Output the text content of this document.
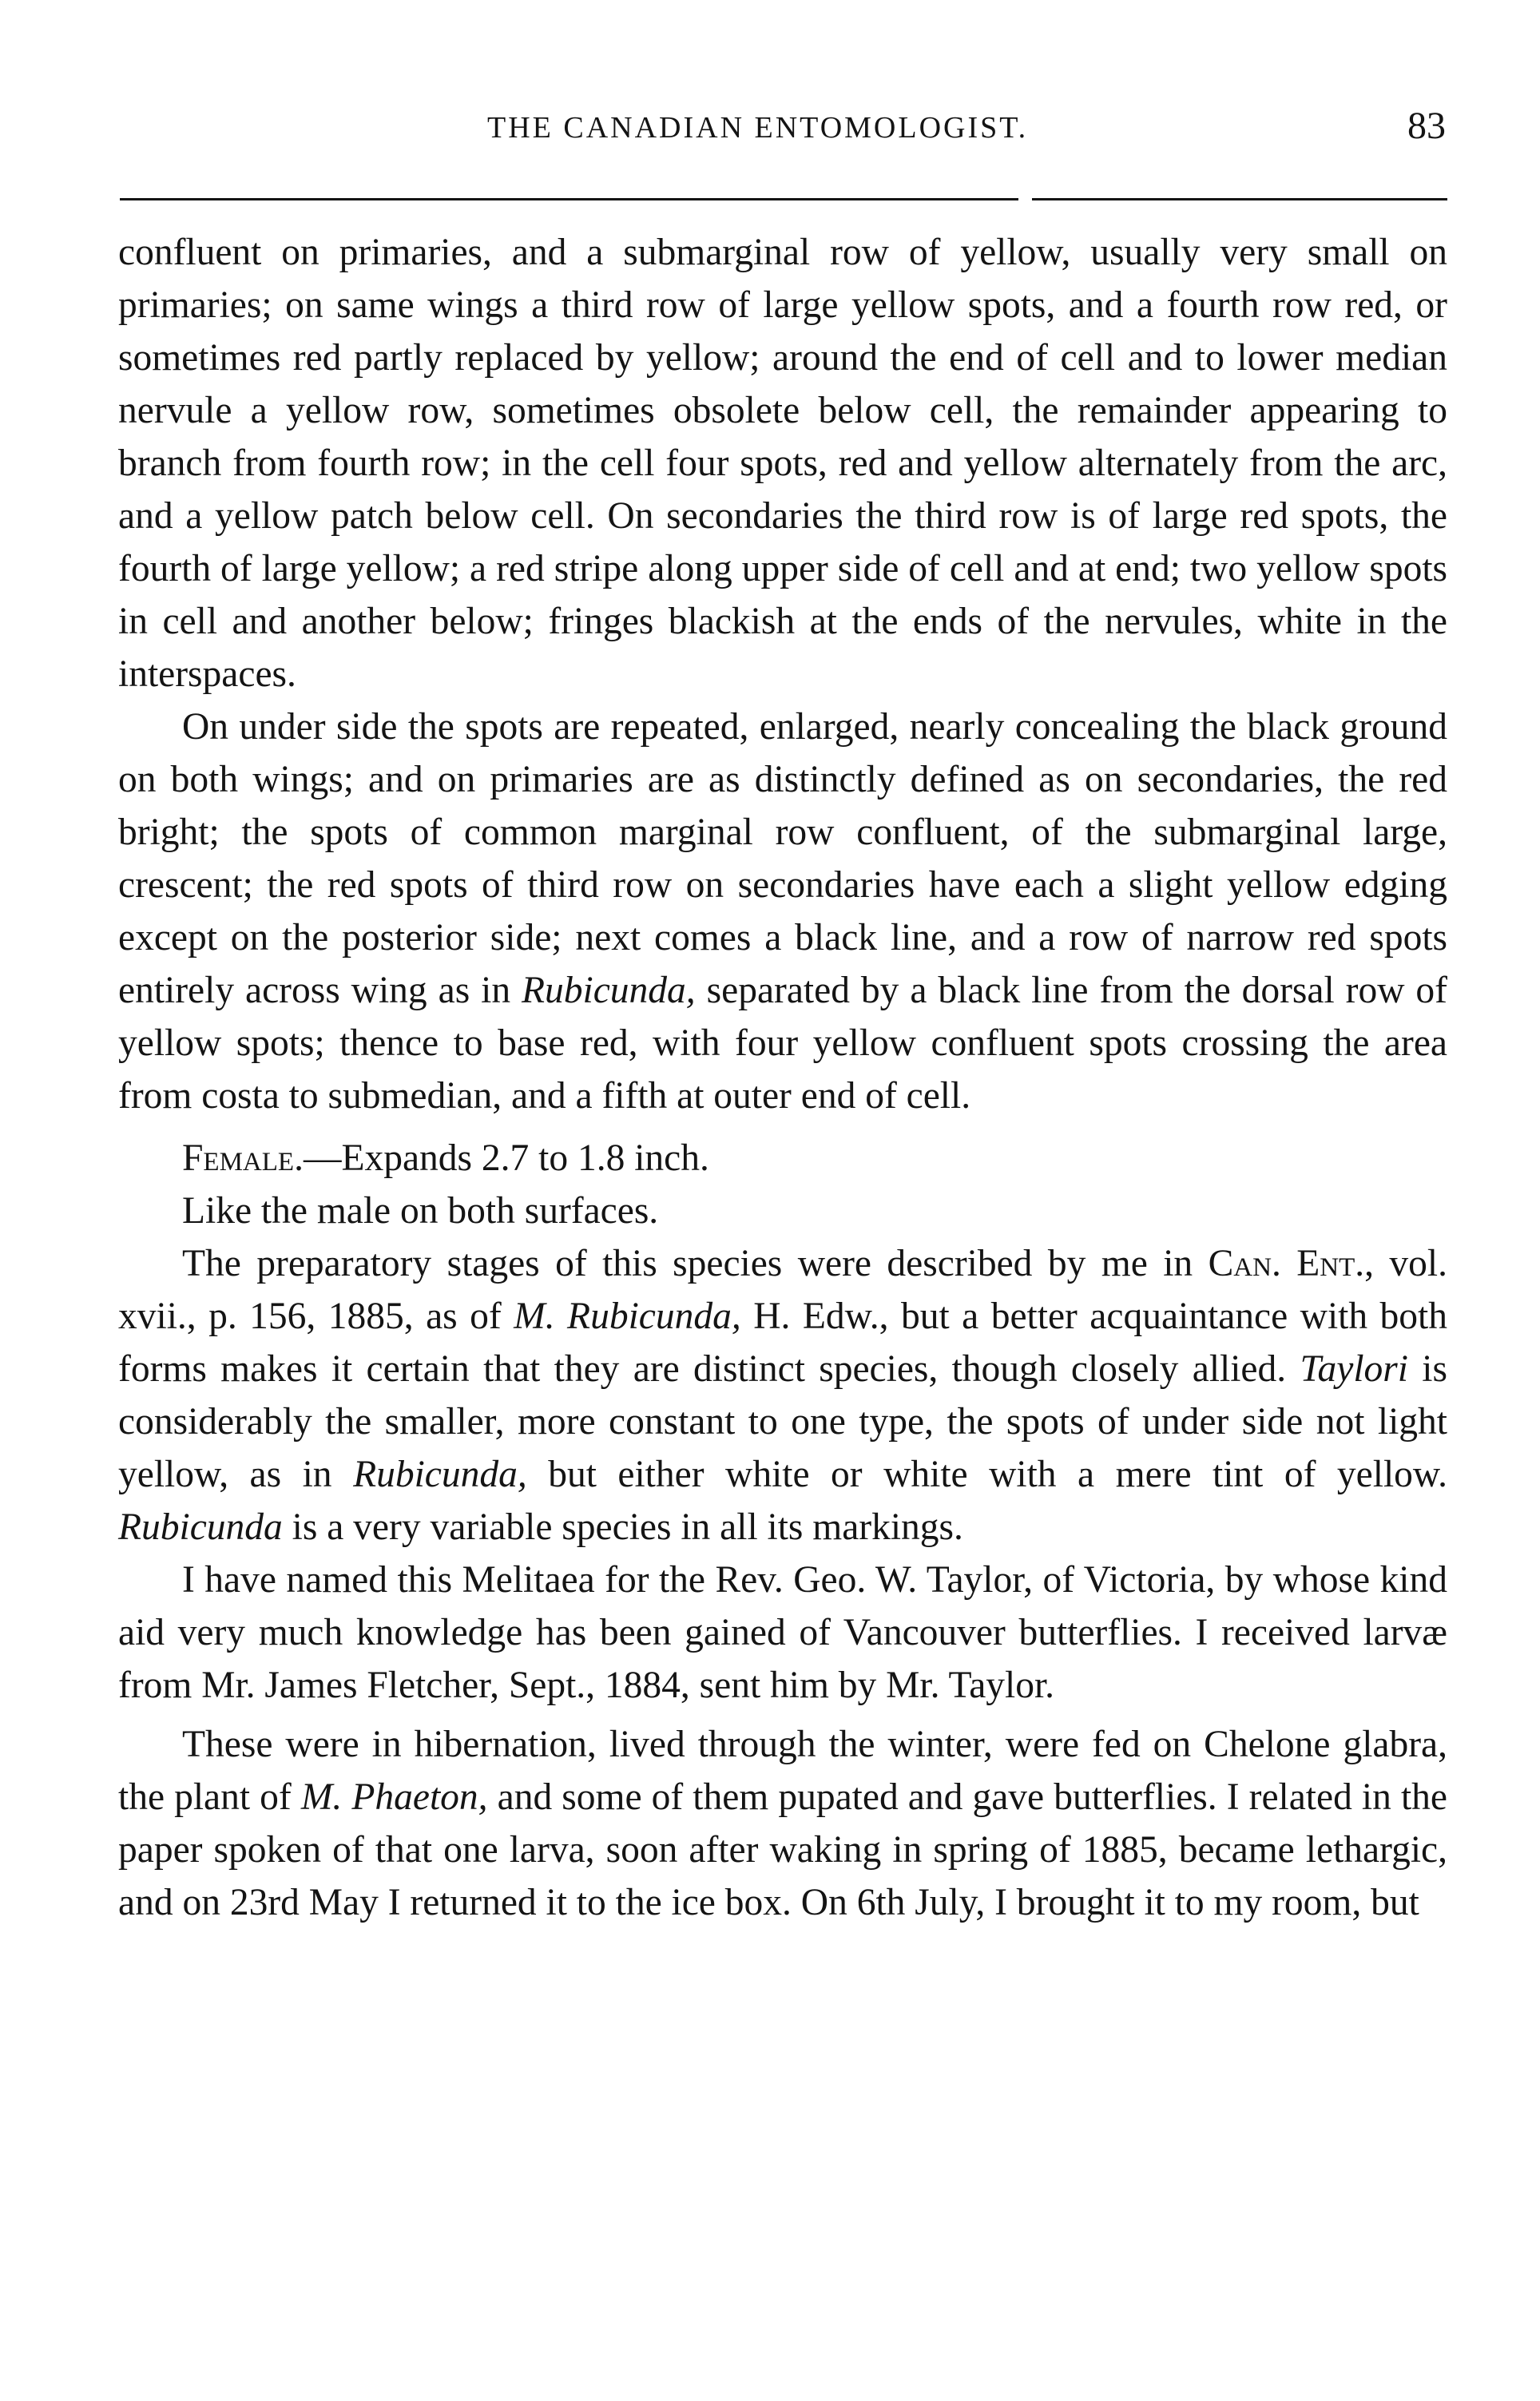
THE CANADIAN ENTOMOLOGIST.	83

confluent on primaries, and a submarginal row of yellow, usually very small on primaries; on same wings a third row of large yellow spots, and a fourth row red, or sometimes red partly replaced by yellow; around the end of cell and to lower median nervule a yellow row, sometimes obsolete below cell, the remainder appearing to branch from fourth row; in the cell four spots, red and yellow alternately from the arc, and a yellow patch below cell. On secondaries the third row is of large red spots, the fourth of large yellow; a red stripe along upper side of cell and at end; two yellow spots in cell and another below; fringes blackish at the ends of the nervules, white in the interspaces.

On under side the spots are repeated, enlarged, nearly concealing the black ground on both wings; and on primaries are as distinctly defined as on secondaries, the red bright; the spots of common marginal row confluent, of the submarginal large, crescent; the red spots of third row on secondaries have each a slight yellow edging except on the posterior side; next comes a black line, and a row of narrow red spots entirely across wing as in Rubicunda, separated by a black line from the dorsal row of yellow spots; thence to base red, with four yellow confluent spots crossing the area from costa to submedian, and a fifth at outer end of cell.

Female.—Expands 2.7 to 1.8 inch.

Like the male on both surfaces.

The preparatory stages of this species were described by me in Can. Ent., vol. xvii., p. 156, 1885, as of M. Rubicunda, H. Edw., but a better acquaintance with both forms makes it certain that they are distinct species, though closely allied. Taylori is considerably the smaller, more constant to one type, the spots of under side not light yellow, as in Rubicunda, but either white or white with a mere tint of yellow. Rubicunda is a very variable species in all its markings.

I have named this Melitaea for the Rev. Geo. W. Taylor, of Victoria, by whose kind aid very much knowledge has been gained of Vancouver butterflies. I received larvæ from Mr. James Fletcher, Sept., 1884, sent him by Mr. Taylor.

These were in hibernation, lived through the winter, were fed on Chelone glabra, the plant of M. Phaeton, and some of them pupated and gave butterflies. I related in the paper spoken of that one larva, soon after waking in spring of 1885, became lethargic, and on 23rd May I returned it to the ice box. On 6th July, I brought it to my room, but
